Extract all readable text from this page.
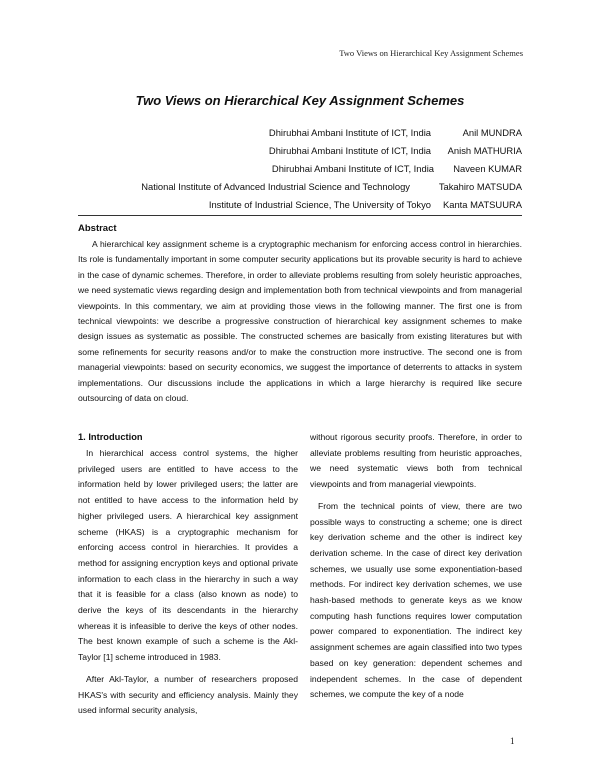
Two Views on Hierarchical Key Assignment Schemes
Two Views on Hierarchical Key Assignment Schemes
Dhirubhai Ambani Institute of ICT, India	Anil MUNDRA
Dhirubhai Ambani Institute of ICT, India	Anish MATHURIA
Dhirubhai Ambani Institute of ICT, India	Naveen KUMAR
National Institute of Advanced Industrial Science and Technology	Takahiro MATSUDA
Institute of Industrial Science, The University of Tokyo	Kanta MATSUURA

Abstract

A hierarchical key assignment scheme is a cryptographic mechanism for enforcing access control in hierarchies. Its role is fundamentally important in some computer security applications but its provable security is hard to achieve in the case of dynamic schemes. Therefore, in order to alleviate problems resulting from solely heuristic approaches, we need systematic views regarding design and implementation both from technical viewpoints and from managerial viewpoints. In this commentary, we aim at providing those views in the following manner. The first one is from technical viewpoints: we describe a progressive construction of hierarchical key assignment schemes to make design issues as systematic as possible. The constructed schemes are basically from existing literatures but with some refinements for security reasons and/or to make the construction more instructive. The second one is from managerial viewpoints: based on security economics, we suggest the importance of deterrents to attacks in system implementations. Our discussions include the applications in which a large hierarchy is required like secure outsourcing of data on cloud.

1. Introduction

In hierarchical access control systems, the higher privileged users are entitled to have access to the information held by lower privileged users; the latter are not entitled to have access to the information held by higher privileged users. A hierarchical key assignment scheme (HKAS) is a cryptographic mechanism for enforcing access control in hierarchies. It provides a method for assigning encryption keys and optional private information to each class in the hierarchy in such a way that it is feasible for a class (also known as node) to derive the keys of its descendants in the hierarchy whereas it is infeasible to derive the keys of other nodes. The best known example of such a scheme is the Akl-Taylor [1] scheme introduced in 1983.

After Akl-Taylor, a number of researchers proposed HKAS's with security and efficiency analysis. Mainly they used informal security analysis,

without rigorous security proofs. Therefore, in order to alleviate problems resulting from heuristic approaches, we need systematic views both from technical viewpoints and from managerial viewpoints.

From the technical points of view, there are two possible ways to constructing a scheme; one is direct key derivation scheme and the other is indirect key derivation scheme. In the case of direct key derivation schemes, we usually use some exponentiation-based methods. For indirect key derivation schemes, we use hash-based methods to generate keys as we know computing hash functions requires lower computation power compared to exponentiation. The indirect key assignment schemes are again classified into two types based on key generation: dependent schemes and independent schemes. In the case of dependent schemes, we compute the key of a node

1
